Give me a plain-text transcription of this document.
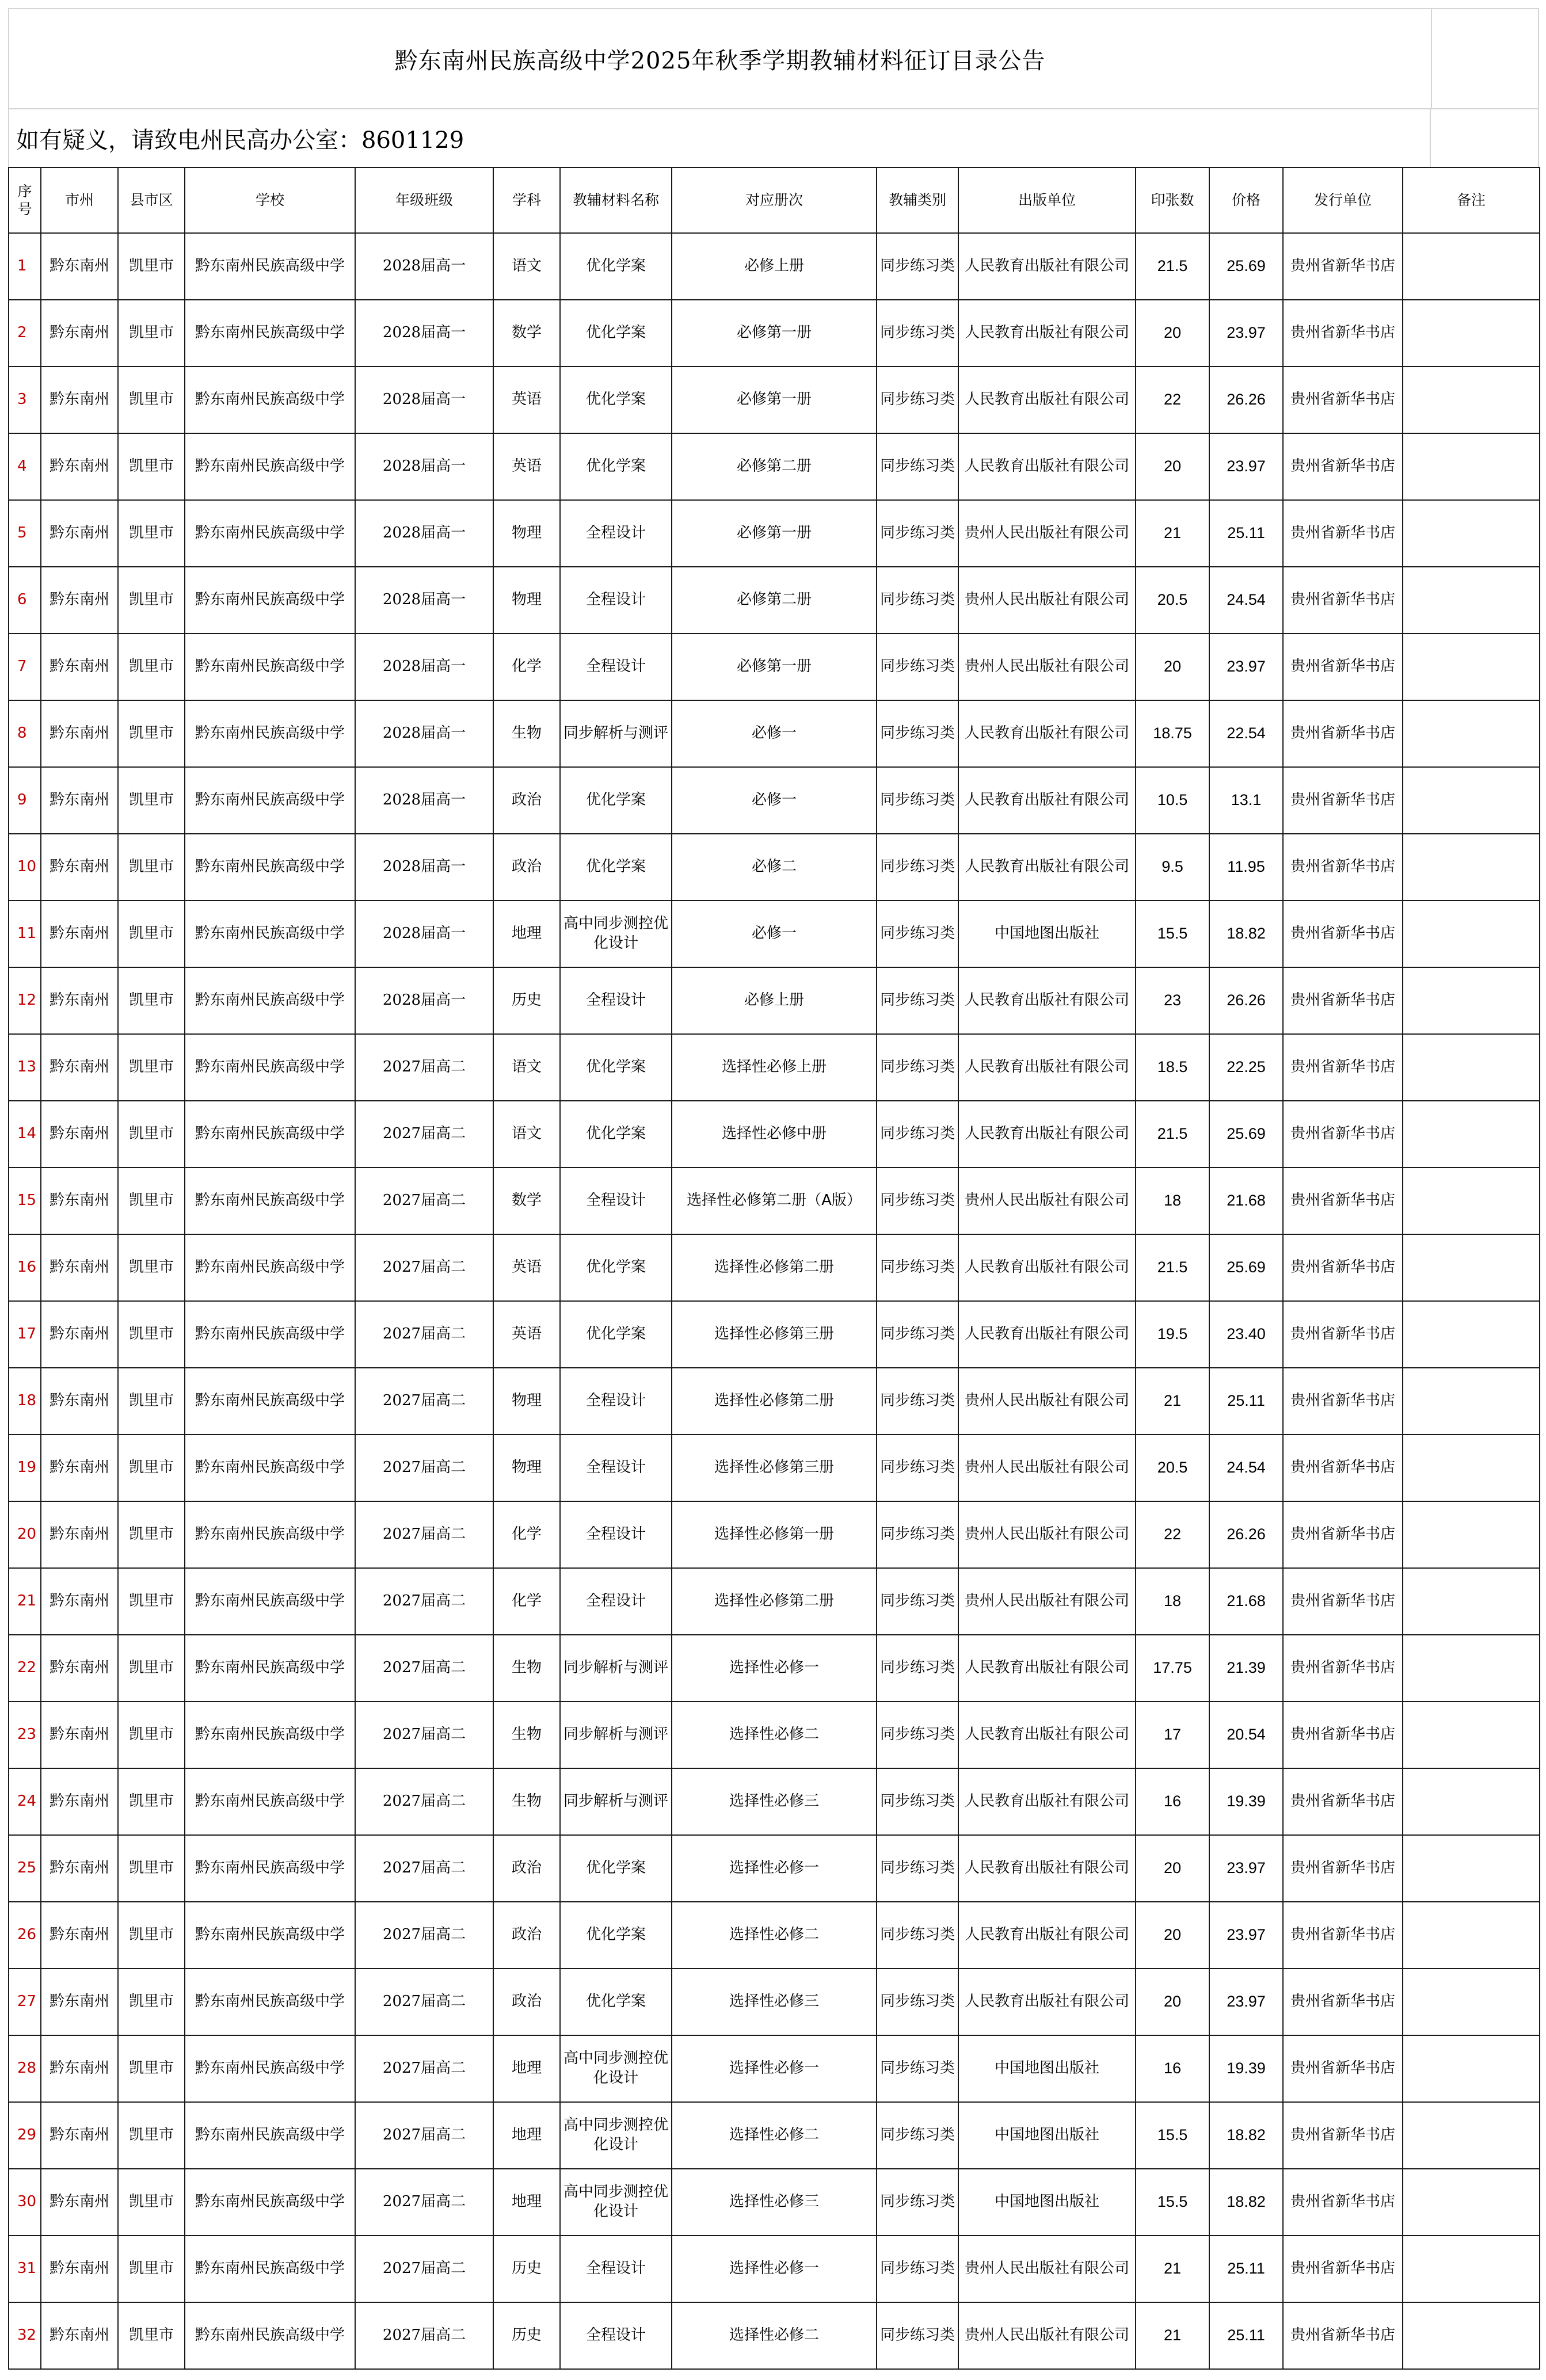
黔东南州民族高级中学2025年秋季学期教辅材料征订目录公告
如有疑义，请致电州民高办公室：8601129
序号	市州	县市区	学校	年级班级	学科	教辅材料名称	对应册次	教辅类别	出版单位	印张数	价格	发行单位	备注
1	黔东南州	凯里市	黔东南州民族高级中学	2028届高一	语文	优化学案	必修上册	同步练习类	人民教育出版社有限公司	21.5	25.69	贵州省新华书店	
2	黔东南州	凯里市	黔东南州民族高级中学	2028届高一	数学	优化学案	必修第一册	同步练习类	人民教育出版社有限公司	20	23.97	贵州省新华书店	
3	黔东南州	凯里市	黔东南州民族高级中学	2028届高一	英语	优化学案	必修第一册	同步练习类	人民教育出版社有限公司	22	26.26	贵州省新华书店	
4	黔东南州	凯里市	黔东南州民族高级中学	2028届高一	英语	优化学案	必修第二册	同步练习类	人民教育出版社有限公司	20	23.97	贵州省新华书店	
5	黔东南州	凯里市	黔东南州民族高级中学	2028届高一	物理	全程设计	必修第一册	同步练习类	贵州人民出版社有限公司	21	25.11	贵州省新华书店	
6	黔东南州	凯里市	黔东南州民族高级中学	2028届高一	物理	全程设计	必修第二册	同步练习类	贵州人民出版社有限公司	20.5	24.54	贵州省新华书店	
7	黔东南州	凯里市	黔东南州民族高级中学	2028届高一	化学	全程设计	必修第一册	同步练习类	贵州人民出版社有限公司	20	23.97	贵州省新华书店	
8	黔东南州	凯里市	黔东南州民族高级中学	2028届高一	生物	同步解析与测评	必修一	同步练习类	人民教育出版社有限公司	18.75	22.54	贵州省新华书店	
9	黔东南州	凯里市	黔东南州民族高级中学	2028届高一	政治	优化学案	必修一	同步练习类	人民教育出版社有限公司	10.5	13.1	贵州省新华书店	
10	黔东南州	凯里市	黔东南州民族高级中学	2028届高一	政治	优化学案	必修二	同步练习类	人民教育出版社有限公司	9.5	11.95	贵州省新华书店	
11	黔东南州	凯里市	黔东南州民族高级中学	2028届高一	地理	高中同步测控优化设计	必修一	同步练习类	中国地图出版社	15.5	18.82	贵州省新华书店	
12	黔东南州	凯里市	黔东南州民族高级中学	2028届高一	历史	全程设计	必修上册	同步练习类	人民教育出版社有限公司	23	26.26	贵州省新华书店	
13	黔东南州	凯里市	黔东南州民族高级中学	2027届高二	语文	优化学案	选择性必修上册	同步练习类	人民教育出版社有限公司	18.5	22.25	贵州省新华书店	
14	黔东南州	凯里市	黔东南州民族高级中学	2027届高二	语文	优化学案	选择性必修中册	同步练习类	人民教育出版社有限公司	21.5	25.69	贵州省新华书店	
15	黔东南州	凯里市	黔东南州民族高级中学	2027届高二	数学	全程设计	选择性必修第二册（A版）	同步练习类	贵州人民出版社有限公司	18	21.68	贵州省新华书店	
16	黔东南州	凯里市	黔东南州民族高级中学	2027届高二	英语	优化学案	选择性必修第二册	同步练习类	人民教育出版社有限公司	21.5	25.69	贵州省新华书店	
17	黔东南州	凯里市	黔东南州民族高级中学	2027届高二	英语	优化学案	选择性必修第三册	同步练习类	人民教育出版社有限公司	19.5	23.40	贵州省新华书店	
18	黔东南州	凯里市	黔东南州民族高级中学	2027届高二	物理	全程设计	选择性必修第二册	同步练习类	贵州人民出版社有限公司	21	25.11	贵州省新华书店	
19	黔东南州	凯里市	黔东南州民族高级中学	2027届高二	物理	全程设计	选择性必修第三册	同步练习类	贵州人民出版社有限公司	20.5	24.54	贵州省新华书店	
20	黔东南州	凯里市	黔东南州民族高级中学	2027届高二	化学	全程设计	选择性必修第一册	同步练习类	贵州人民出版社有限公司	22	26.26	贵州省新华书店	
21	黔东南州	凯里市	黔东南州民族高级中学	2027届高二	化学	全程设计	选择性必修第二册	同步练习类	贵州人民出版社有限公司	18	21.68	贵州省新华书店	
22	黔东南州	凯里市	黔东南州民族高级中学	2027届高二	生物	同步解析与测评	选择性必修一	同步练习类	人民教育出版社有限公司	17.75	21.39	贵州省新华书店	
23	黔东南州	凯里市	黔东南州民族高级中学	2027届高二	生物	同步解析与测评	选择性必修二	同步练习类	人民教育出版社有限公司	17	20.54	贵州省新华书店	
24	黔东南州	凯里市	黔东南州民族高级中学	2027届高二	生物	同步解析与测评	选择性必修三	同步练习类	人民教育出版社有限公司	16	19.39	贵州省新华书店	
25	黔东南州	凯里市	黔东南州民族高级中学	2027届高二	政治	优化学案	选择性必修一	同步练习类	人民教育出版社有限公司	20	23.97	贵州省新华书店	
26	黔东南州	凯里市	黔东南州民族高级中学	2027届高二	政治	优化学案	选择性必修二	同步练习类	人民教育出版社有限公司	20	23.97	贵州省新华书店	
27	黔东南州	凯里市	黔东南州民族高级中学	2027届高二	政治	优化学案	选择性必修三	同步练习类	人民教育出版社有限公司	20	23.97	贵州省新华书店	
28	黔东南州	凯里市	黔东南州民族高级中学	2027届高二	地理	高中同步测控优化设计	选择性必修一	同步练习类	中国地图出版社	16	19.39	贵州省新华书店	
29	黔东南州	凯里市	黔东南州民族高级中学	2027届高二	地理	高中同步测控优化设计	选择性必修二	同步练习类	中国地图出版社	15.5	18.82	贵州省新华书店	
30	黔东南州	凯里市	黔东南州民族高级中学	2027届高二	地理	高中同步测控优化设计	选择性必修三	同步练习类	中国地图出版社	15.5	18.82	贵州省新华书店	
31	黔东南州	凯里市	黔东南州民族高级中学	2027届高二	历史	全程设计	选择性必修一	同步练习类	贵州人民出版社有限公司	21	25.11	贵州省新华书店	
32	黔东南州	凯里市	黔东南州民族高级中学	2027届高二	历史	全程设计	选择性必修二	同步练习类	贵州人民出版社有限公司	21	25.11	贵州省新华书店	
